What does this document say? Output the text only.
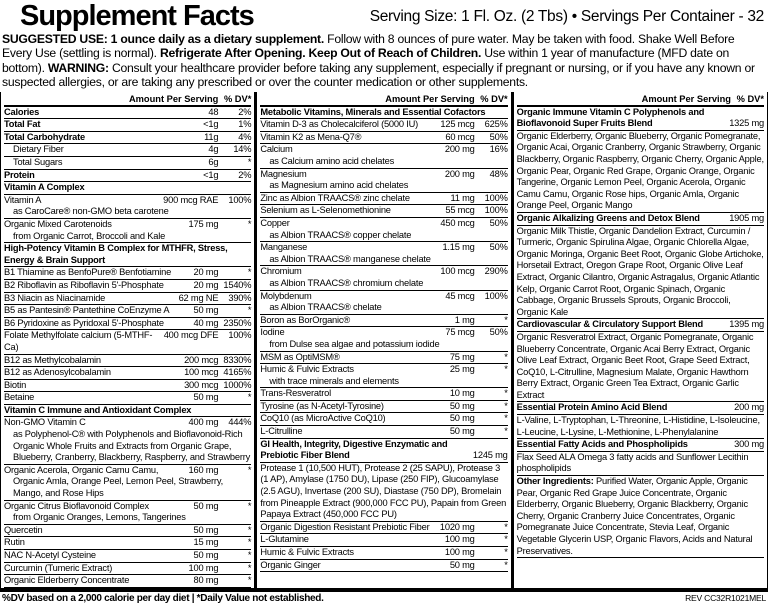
Supplement Facts	Serving Size: 1 Fl. Oz. (2 Tbs) • Servings Per Container - 32

SUGGESTED USE: 1 ounce daily as a dietary supplement. Follow with 8 ounces of pure water. May be taken with food. Shake Well Before Every Use (settling is normal). Refrigerate After Opening. Keep Out of Reach of Children. Use within 1 year of manufacture (MFD date on bottom). WARNING: Consult your healthcare provider before taking any supplement, especially if pregnant or nursing, or if you have any known or suspected allergies, or are taking any prescribed or over the counter medication or other supplements.

Amount Per Serving % DV*
Calories	48	2%
Total Fat	<1g	1%
Total Carbohydrate	11g	4%
Dietary Fiber	4g	14%
Total Sugars	6g	*
Protein	<1g	2%
Vitamin A Complex
Vitamin A	900 mcg RAE	100%
as CaroCare® non-GMO beta carotene
Organic Mixed Carotenoids	175 mg	*
from Organic Carrot, Broccoli and Kale
High-Potency Vitamin B Complex for MTHFR, Stress, Energy & Brain Support
B1 Thiamine as BenfoPure® Benfotiamine	20 mg	*
B2 Riboflavin as Riboflavin 5'-Phosphate	20 mg 1540%
B3 Niacin as Niacinamide	62 mg NE	390%
B5 as Pantesin® Pantethine CoEnzyme A	50 mg	*
B6 Pyridoxine as Pyridoxal 5'-Phosphate	40 mg 2350%
Folate Methylfolate calcium (5-MTHF-Ca)
400 mcg DFE	100%
B12 as Methylcobalamin	200 mcg 8330%
B12 as Adenosylcobalamin	100 mcg 4165%
Biotin	300 mcg 1000%
Betaine	50 mg	*
Vitamin C Immune and Antioxidant Complex
Non-GMO Vitamin C	400 mg	444%
as Polyphenol-C® with Polyphenols and Bioflavonoid-Rich Organic Whole Fruits and Extracts from Organic Grape, Blueberry, Cranberry, Blackberry, Raspberry, and Strawberry
Organic Acerola, Organic Camu Camu,	160 mg	*
Organic Amla, Orange Peel, Lemon Peel, Strawberry, Mango, and Rose Hips
Organic Citrus Bioflavonoid Complex	50 mg	*
from Organic Oranges, Lemons, Tangerines
Quercetin	50 mg	*
Rutin	15 mg	*
NAC N-Acetyl Cysteine	50 mg	*
Curcumin (Tumeric Extract)	100 mg	*
Organic Elderberry Concentrate	80 mg	*
Amount Per Serving % DV*
Metabolic Vitamins, Minerals and Essential Cofactors
Vitamin D-3 as Cholecalciferol (5000 IU)	125 mcg	625%
Vitamin K2 as Mena-Q7®	60 mcg	50%
Calcium	200 mg	16%
as Calcium amino acid chelates
Magnesium	200 mg	48%
as Magnesium amino acid chelates
Zinc as Albion TRAACS® zinc chelate	11 mg	100%
Selenium as L-Selenomethionine	55 mcg	100%
Copper	450 mcg	50%
as Albion TRAACS® copper chelate
Manganese	1.15 mg	50%
as Albion TRAACS® manganese chelate
Chromium	100 mcg	290%
as Albion TRAACS® chromium chelate
Molybdenum	45 mcg	100%
as Albion TRAACS® chelate
Boron as BorOrganic®	1 mg	*
Iodine	75 mcg	50%
from Dulse sea algae and potassium iodide
MSM as OptiMSM®	75 mg	*
Humic & Fulvic Extracts	25 mg	*
with trace minerals and elements
Trans-Resveratrol	10 mg	*
Tyrosine (as N-Acetyl-Tyrosine)	50 mg	*
CoQ10 (as MicroActive CoQ10)	50 mg	*
L-Citrulline	50 mg	*
GI Health, Integrity, Digestive Enzymatic and Prebiotic Fiber Blend	1245 mg
Protease 1 (10,500 HUT), Protease 2 (25 SAPU), Protease 3 (1 AP), Amylase (1750 DU), Lipase (250 FIP), Glucoamylase (2.5 AGU), Invertase (200 SU), Diastase (750 DP), Bromelain from Pineapple Extract (900,000 FCC PU), Papain from Green Papaya Extract (450,000 FCC PU)
Organic Digestion Resistant Prebiotic Fiber	1020 mg	*
L-Glutamine	100 mg	*
Humic & Fulvic Extracts	100 mg	*
Organic Ginger	50 mg	*
Amount Per Serving % DV*
Organic Immune Vitamin C Polyphenols and Bioflavonoid Super Fruits Blend	1325 mg
Organic Elderberry, Organic Blueberry, Organic Pomegranate, Organic Acai, Organic Cranberry, Organic Strawberry, Organic Blackberry, Organic Raspberry, Organic Cherry, Organic Apple, Organic Pear, Organic Red Grape, Organic Orange, Organic Tangerine, Organic Lemon Peel, Organic Acerola, Organic Camu Camu, Organic Rose hips, Organic Amla, Organic Orange Peel, Organic Mango
Organic Alkalizing Greens and Detox Blend	1905 mg
Organic Milk Thistle, Organic Dandelion Extract, Curcumin / Turmeric, Organic Spirulina Algae, Organic Chlorella Algae, Organic Moringa, Organic Beet Root, Organic Globe Artichoke, Horsetail Extract, Oregon Grape Root, Organic Olive Leaf Extract, Organic Cilantro, Organic Astragalus, Organic Atlantic Kelp, Organic Carrot Root, Organic Spinach, Organic Cabbage, Organic Brussels Sprouts, Organic Broccoli, Organic Kale
Cardiovascular & Circulatory Support Blend	1395 mg
Organic Resveratrol Extract, Organic Pomegranate, Organic Blueberry Concentrate, Organic Acai Berry Extract, Organic Olive Leaf Extract, Organic Beet Root, Grape Seed Extract, CoQ10, L-Citrulline, Magnesium Malate, Organic Hawthorn Berry Extract, Organic Green Tea Extract, Organic Garlic Extract
Essential Protein Amino Acid Blend	200 mg
L-Valine, L-Tryptophan, L-Threonine, L-Histidine, L-Isoleucine, L-Leucine, L-Lysine, L-Methionine, L-Phenylalanine
Essential Fatty Acids and Phospholipids	300 mg
Flax Seed ALA Omega 3 fatty acids and Sunflower Lecithin phospholipids
Other Ingredients: Purified Water, Organic Apple, Organic Pear, Organic Red Grape Juice Concentrate, Organic Elderberry, Organic Blueberry, Organic Blackberry, Organic Cherry, Organic Cranberry Juice Concentrates, Organic Pomegranate Juice Concentrate, Stevia Leaf, Organic Vegetable Glycerin USP, Organic Flavors, Acids and Natural Preservatives.
%DV based on a 2,000 calorie per day diet | *Daily Value not established.	REV CC32R1021MEL
